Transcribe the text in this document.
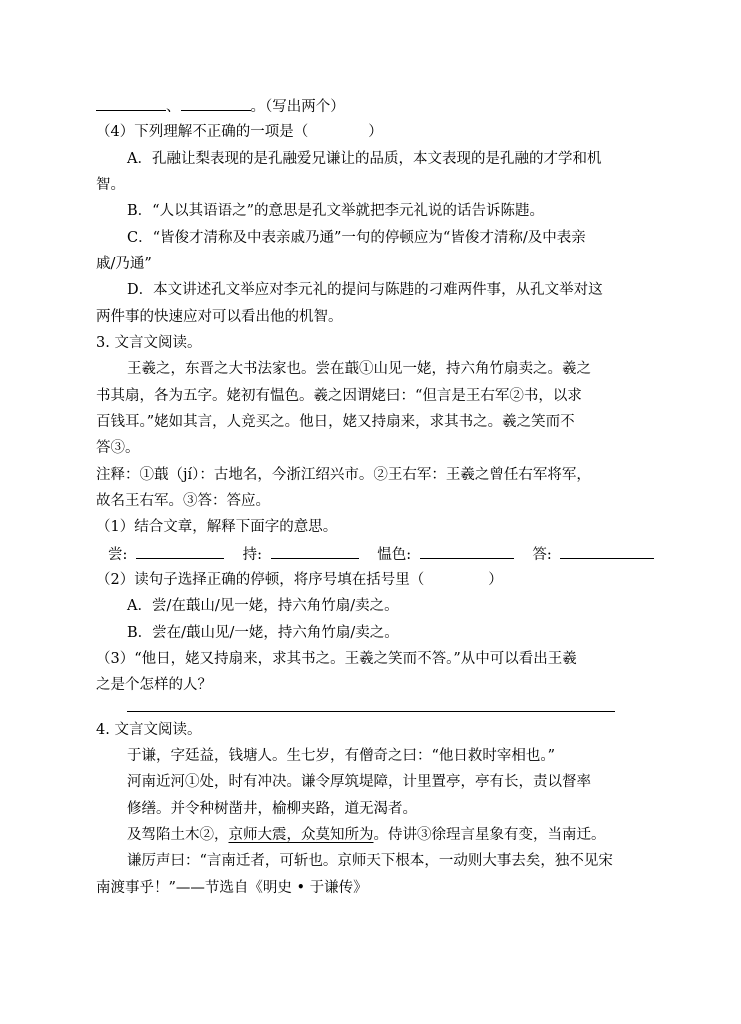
、	。（写出两个）
（4）下列理解不正确的一项是（	）
A．孔融让梨表现的是孔融爱兄谦让的品质，本文表现的是孔融的才学和机
智。
B．“人以其语语之”的意思是孔文举就把李元礼说的话告诉陈韪。
C．“皆俊才清称及中表亲戚乃通”一句的停顿应为“皆俊才清称/及中表亲
戚/乃通”
D．本文讲述孔文举应对李元礼的提问与陈韪的刁难两件事，从孔文举对这
两件事的快速应对可以看出他的机智。
3. 文言文阅读。
王羲之，东晋之大书法家也。尝在蕺①山见一姥，持六角竹扇卖之。羲之
书其扇，各为五字。姥初有愠色。羲之因谓姥曰：“但言是王右军②书，以求
百钱耳。”姥如其言，人竞买之。他日，姥又持扇来，求其书之。羲之笑而不
答③。
注释：①蕺（jí）：古地名，今浙江绍兴市。②王右军：王羲之曾任右军将军，
故名王右军。③答：答应。
（1）结合文章，解释下面字的意思。
尝:	持:	愠色:	答:
（2）读句子选择正确的停顿，将序号填在括号里（	）
A．尝/在蕺山/见一姥，持六角竹扇/卖之。
B．尝在/蕺山见/一姥，持六角竹扇/卖之。
（3）“他日，姥又持扇来，求其书之。王羲之笑而不答。”从中可以看出王羲
之是个怎样的人？
4. 文言文阅读。
于谦，字廷益，钱塘人。生七岁，有僧奇之曰：“他日救时宰相也。”
河南近河①处，时有冲决。谦令厚筑堤障，计里置亭，亭有长，责以督率
修缮。并令种树凿井，榆柳夹路，道无渴者。
及驾陷土木②，京师大震，众莫知所为。侍讲③徐珵言星象有变，当南迁。
谦厉声曰：“言南迁者，可斩也。京师天下根本，一动则大事去矣，独不见宋
南渡事乎！”——节选自《明史 • 于谦传》
